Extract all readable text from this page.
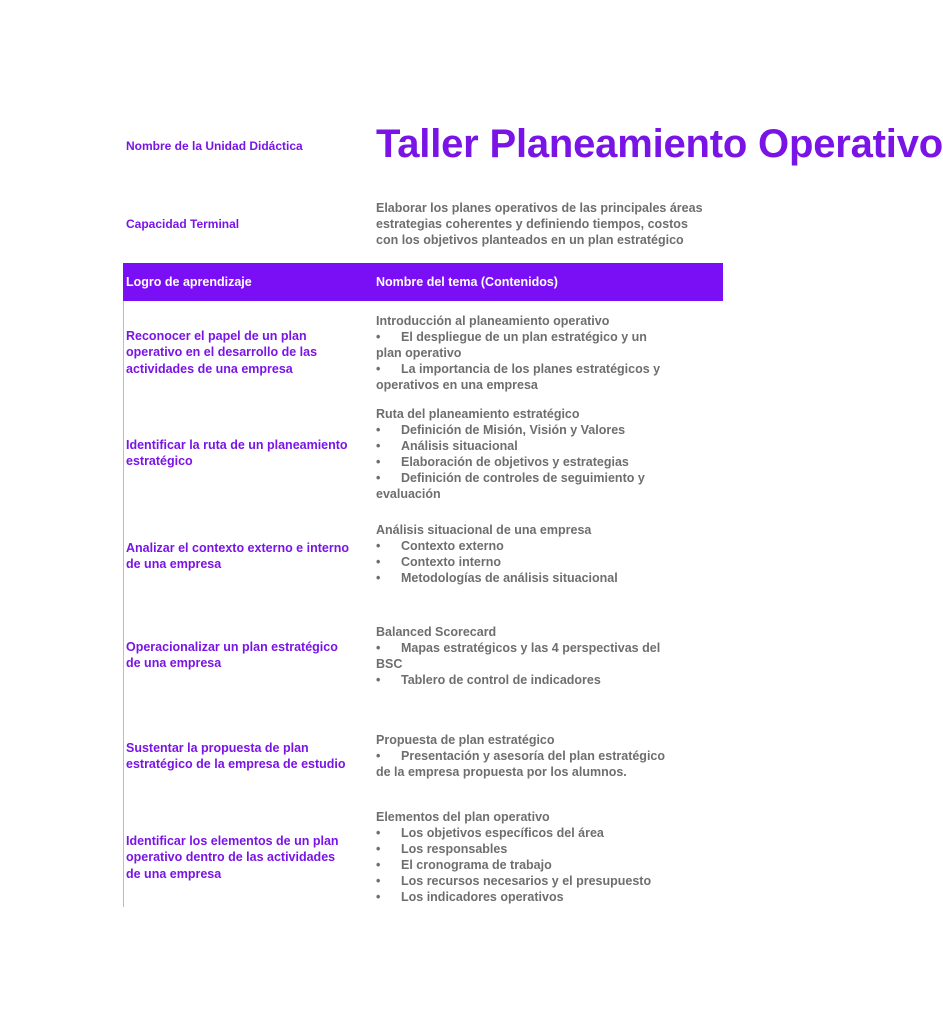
Nombre de la Unidad Didáctica Taller Planeamiento Operativo
Capacidad Terminal
Elaborar los planes operativos de las principales áreas
estrategias coherentes y definiendo tiempos, costos
con los objetivos planteados en un plan estratégico
Logro de aprendizaje	Nombre del tema (Contenidos)
Reconocer el papel de un plan
operativo en el desarrollo de las
actividades de una empresa
Introducción al planeamiento operativo
• El despliegue de un plan estratégico y un
plan operativo
• La importancia de los planes estratégicos y
operativos en una empresa
Identificar la ruta de un planeamiento
estratégico
Ruta del planeamiento estratégico
• Definición de Misión, Visión y Valores
• Análisis situacional
• Elaboración de objetivos y estrategias
• Definición de controles de seguimiento y
evaluación
Analizar el contexto externo e interno
de una empresa
Análisis situacional de una empresa
• Contexto externo
• Contexto interno
• Metodologías de análisis situacional
Operacionalizar un plan estratégico
de una empresa
Balanced Scorecard
• Mapas estratégicos y las 4 perspectivas del
BSC
• Tablero de control de indicadores
Sustentar la propuesta de plan
estratégico de la empresa de estudio
Propuesta de plan estratégico
• Presentación y asesoría del plan estratégico
de la empresa propuesta por los alumnos.
Identificar los elementos de un plan
operativo dentro de las actividades
de una empresa
Elementos del plan operativo
• Los objetivos específicos del área
• Los responsables
• El cronograma de trabajo
• Los recursos necesarios y el presupuesto
• Los indicadores operativos
